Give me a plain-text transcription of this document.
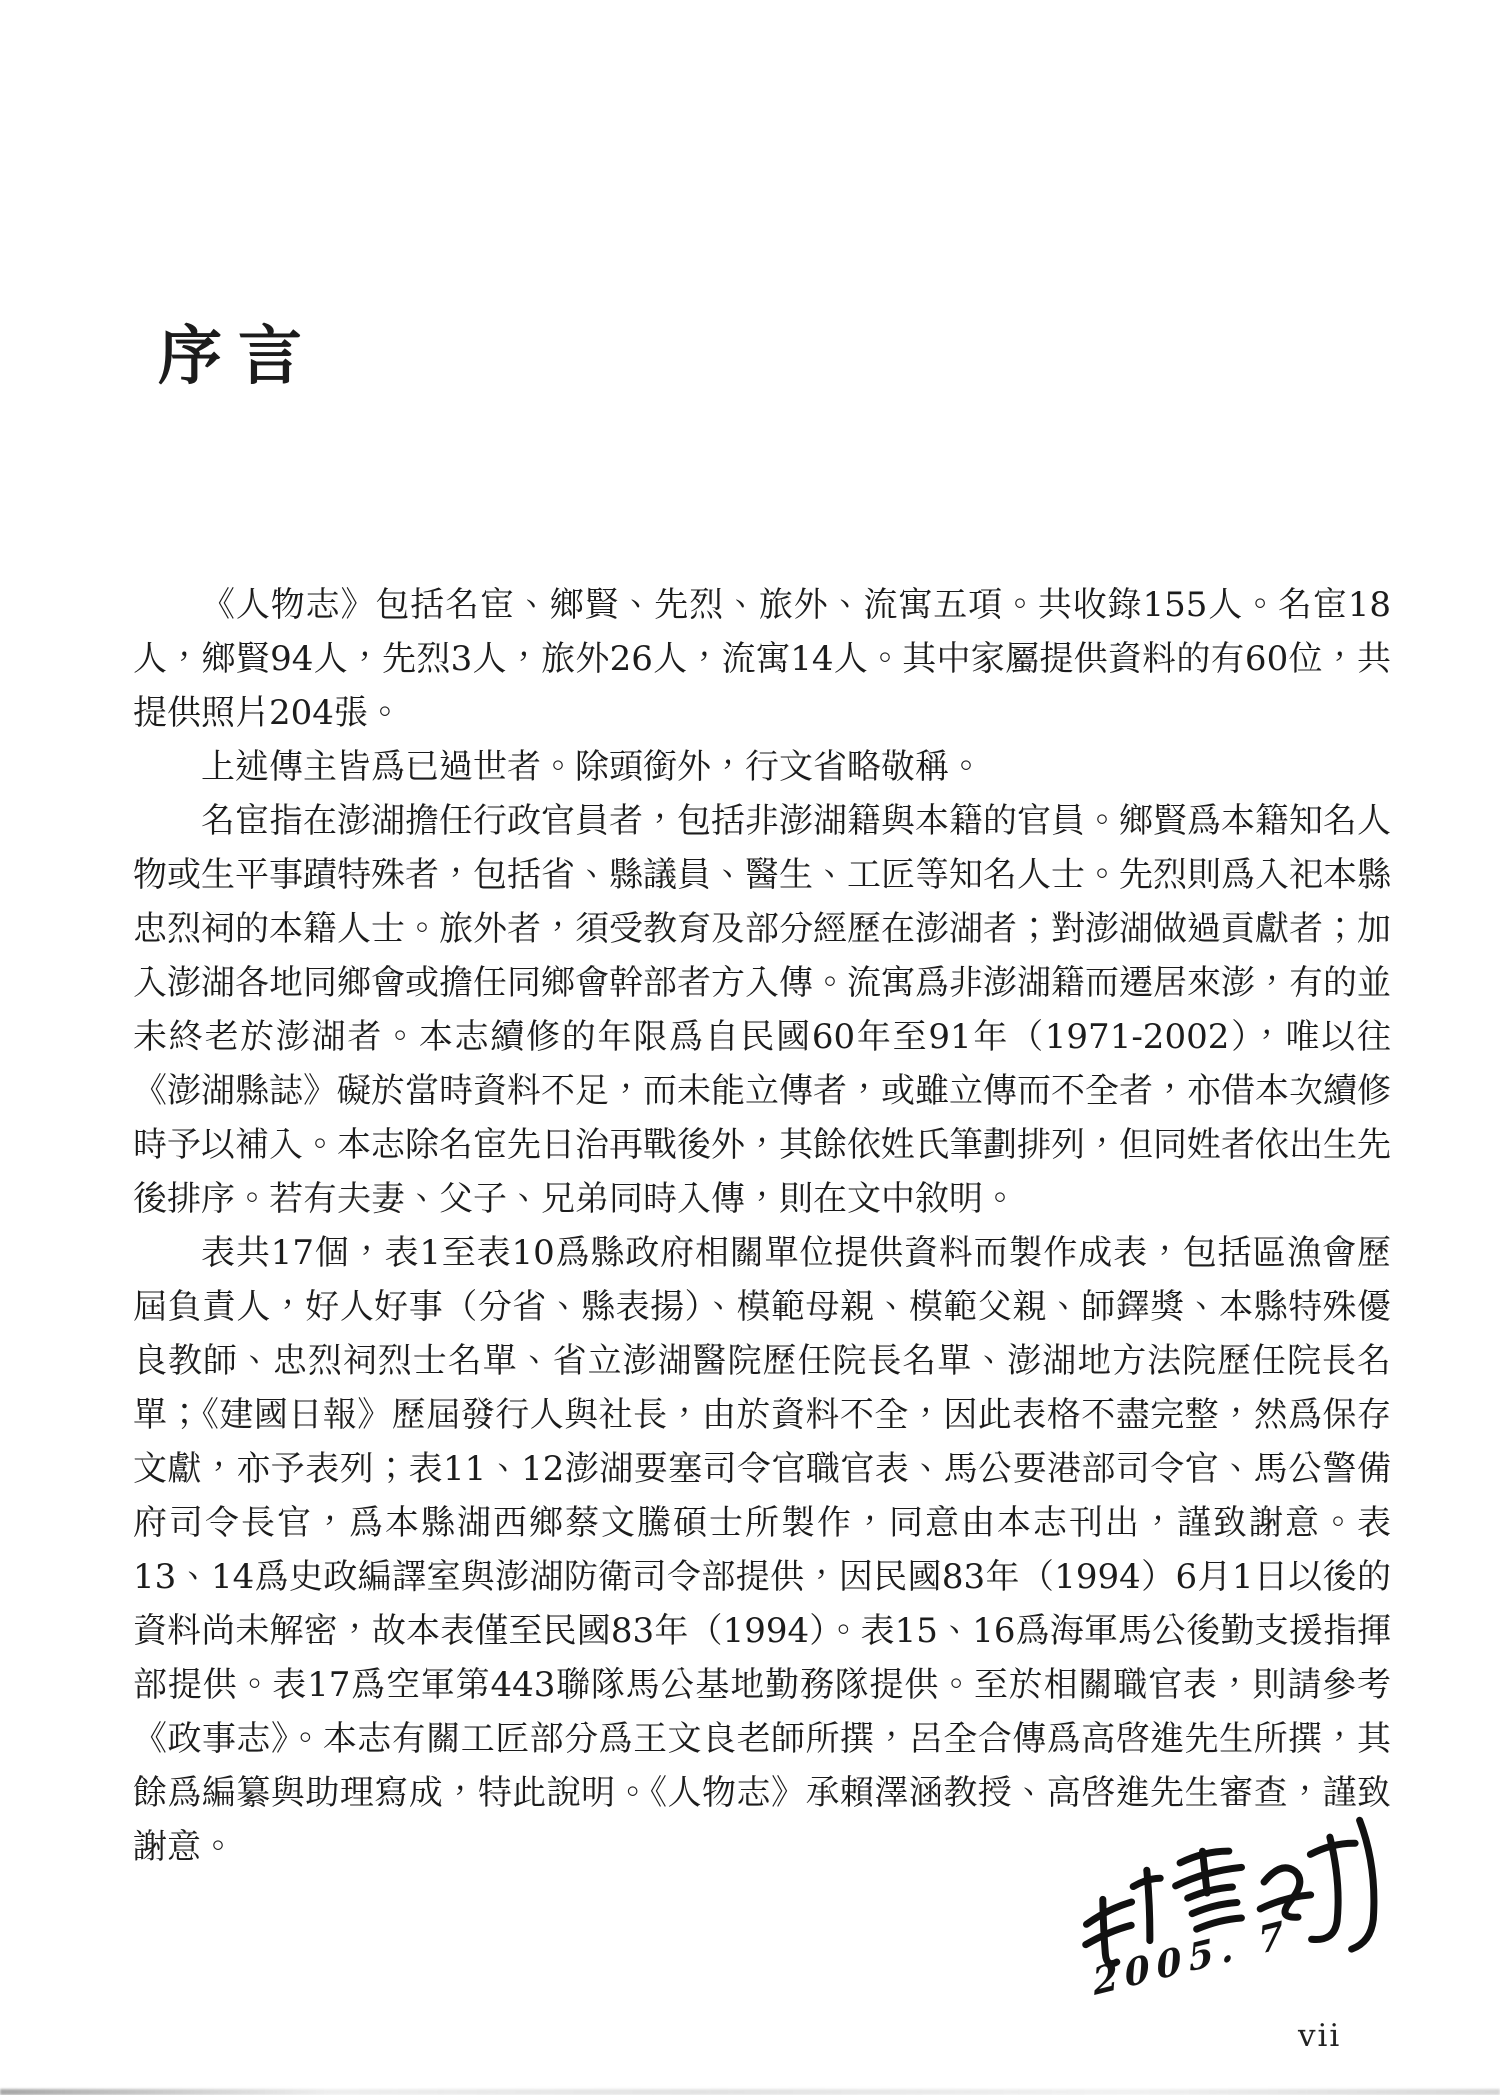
序言

《人物志》包括名宦、鄉賢、先烈、旅外、流寓五項。共收錄155人。名宦18人，鄉賢94人，先烈3人，旅外26人，流寓14人。其中家屬提供資料的有60位，共提供照片204張。

上述傳主皆爲已過世者。除頭銜外，行文省略敬稱。

名宦指在澎湖擔任行政官員者，包括非澎湖籍與本籍的官員。鄉賢爲本籍知名人物或生平事蹟特殊者，包括省、縣議員、醫生、工匠等知名人士。先烈則爲入祀本縣忠烈祠的本籍人士。旅外者，須受教育及部分經歷在澎湖者；對澎湖做過貢獻者；加入澎湖各地同鄉會或擔任同鄉會幹部者方入傳。流寓爲非澎湖籍而遷居來澎，有的並未終老於澎湖者。本志續修的年限爲自民國60年至91年（1971-2002），唯以往《澎湖縣誌》礙於當時資料不足，而未能立傳者，或雖立傳而不全者，亦借本次續修時予以補入。本志除名宦先日治再戰後外，其餘依姓氏筆劃排列，但同姓者依出生先後排序。若有夫妻、父子、兄弟同時入傳，則在文中敘明。

表共17個，表1至表10爲縣政府相關單位提供資料而製作成表，包括區漁會歷屆負責人，好人好事（分省、縣表揚）、模範母親、模範父親、師鐸獎、本縣特殊優良教師、忠烈祠烈士名單、省立澎湖醫院歷任院長名單、澎湖地方法院歷任院長名單；《建國日報》歷屆發行人與社長，由於資料不全，因此表格不盡完整，然爲保存文獻，亦予表列；表11、12澎湖要塞司令官職官表、馬公要港部司令官、馬公警備府司令長官，爲本縣湖西鄉蔡文騰碩士所製作，同意由本志刊出，謹致謝意。表13、14爲史政編譯室與澎湖防衛司令部提供，因民國83年（1994）6月1日以後的資料尚未解密，故本表僅至民國83年（1994）。表15、16爲海軍馬公後勤支援指揮部提供。表17爲空軍第443聯隊馬公基地勤務隊提供。至於相關職官表，則請參考《政事志》。本志有關工匠部分爲王文良老師所撰，呂全合傳爲高啓進先生所撰，其餘爲編纂與助理寫成，特此說明。《人物志》承賴澤涵教授、高啓進先生審查，謹致謝意。

2005. 7
vii
